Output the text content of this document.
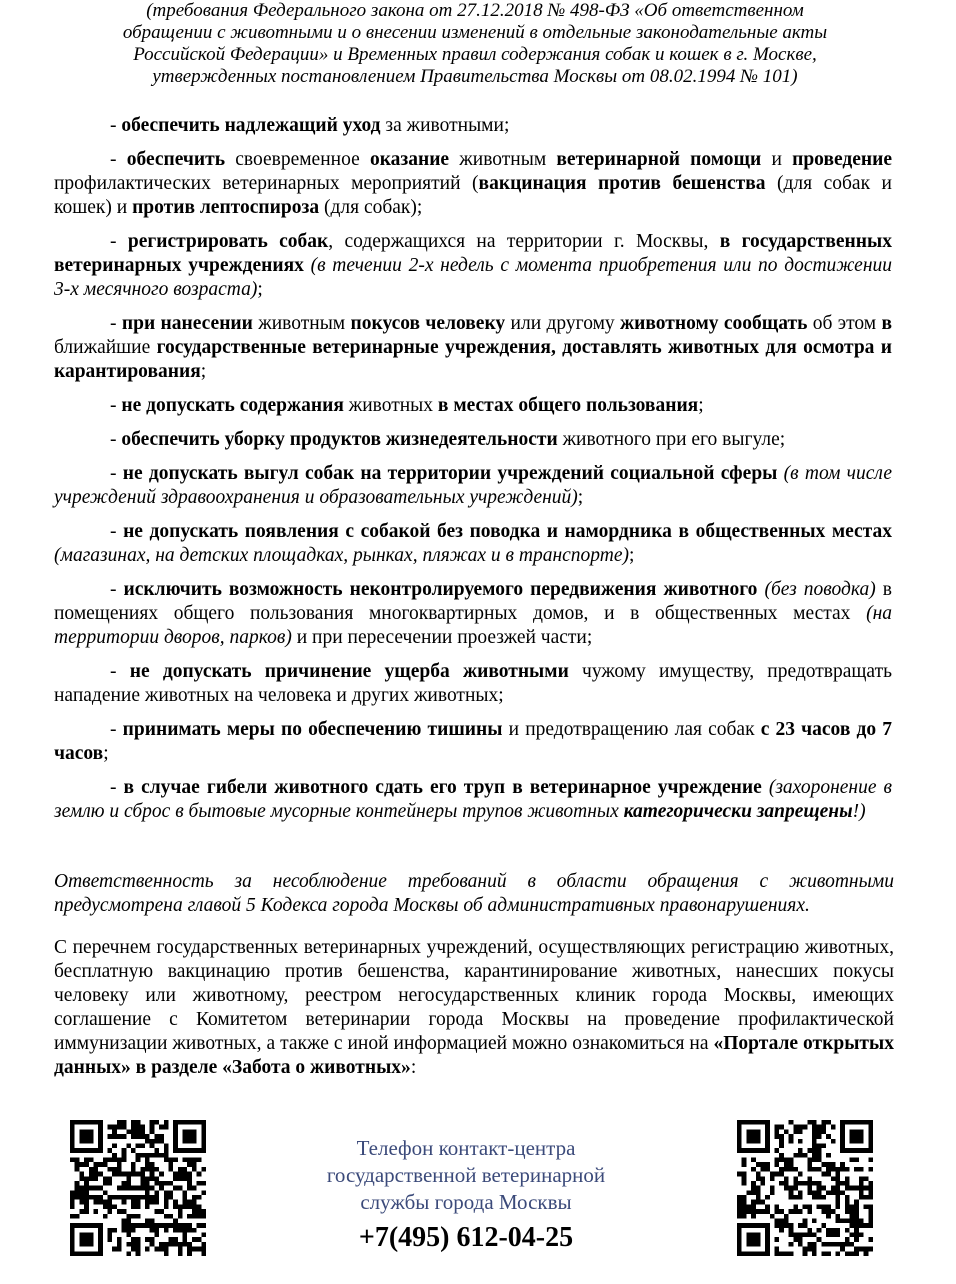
(требования Федерального закона от 27.12.2018 № 498-ФЗ «Об ответственном
обращении с животными и о внесении изменений в отдельные законодательные акты
Российской Федерации» и Временных правил содержания собак и кошек в г. Москве,
утвержденных постановлением Правительства Москвы от 08.02.1994 № 101)
- обеспечить надлежащий уход за животными;
- обеспечить своевременное оказание животным ветеринарной помощи и проведение профилактических ветеринарных мероприятий (вакцинация против бешенства (для собак и кошек) и против лептоспироза (для собак);
- регистрировать собак, содержащихся на территории г. Москвы, в государственных ветеринарных учреждениях (в течении 2-х недель с момента приобретения или по достижении 3-х месячного возраста);
- при нанесении животным покусов человеку или другому животному сообщать об этом в ближайшие государственные ветеринарные учреждения, доставлять животных для осмотра и карантирования;
- не допускать содержания животных в местах общего пользования;
- обеспечить уборку продуктов жизнедеятельности животного при его выгуле;
- не допускать выгул собак на территории учреждений социальной сферы (в том числе учреждений здравоохранения и образовательных учреждений);
- не допускать появления с собакой без поводка и намордника в общественных местах (магазинах, на детских площадках, рынках, пляжах и в транспорте);
- исключить возможность неконтролируемого передвижения животного (без поводка) в помещениях общего пользования многоквартирных домов, и в общественных местах (на территории дворов, парков) и при пересечении проезжей части;
- не допускать причинение ущерба животными чужому имуществу, предотвращать нападение животных на человека и других животных;
- принимать меры по обеспечению тишины и предотвращению лая собак с 23 часов до 7 часов;
- в случае гибели животного сдать его труп в ветеринарное учреждение (захоронение в землю и сброс в бытовые мусорные контейнеры трупов животных категорически запрещены!)
Ответственность за несоблюдение требований в области обращения с животными предусмотрена главой 5 Кодекса города Москвы об административных правонарушениях.
С перечнем государственных ветеринарных учреждений, осуществляющих регистрацию животных, бесплатную вакцинацию против бешенства, карантинирование животных, нанесших покусы человеку или животному, реестром негосударственных клиник города Москвы, имеющих соглашение с Комитетом ветеринарии города Москвы на проведение профилактической иммунизации животных, а также с иной информацией можно ознакомиться на «Портале открытых данных» в разделе «Забота о животных»:
Телефон контакт-центра
государственной ветеринарной
службы города Москвы
+7(495) 612-04-25
